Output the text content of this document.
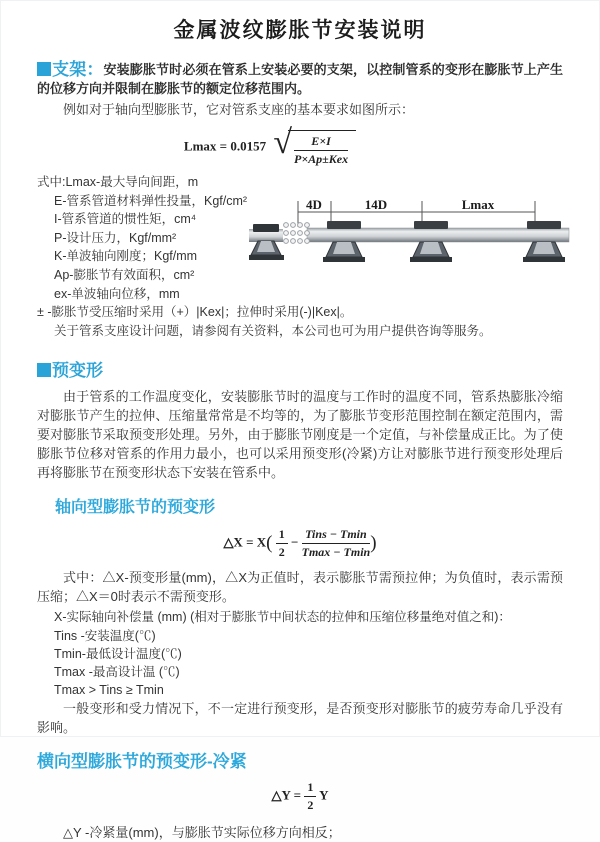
金属波纹膨胀节安装说明

支架：安装膨胀节时必须在管系上安装必要的支架，以控制管系的变形在膨胀节上产生的位移方向并限制在膨胀节的额定位移范围内。

例如对于轴向型膨胀节，它对管系支座的基本要求如图所示：

Lmax = 0.0157 √ $\frac{E\times I}{\text{P×Ap±Kex}}$
式中:Lmax-最大导向间距，m
E-管系管道材料弹性投量，Kgf/cm²
I-管系管道的惯性矩，cm⁴
P-设计压力，Kgf/mm²
K-单波轴向刚度；Kgf/mm
Ap-膨胀节有效面积，cm²
ex-单波轴向位移，mm
± -膨胀节受压缩时采用（+）|Kex|；拉伸时采用(-)|Kex|。
关于管系支座设计问题，请参阅有关资料，本公司也可为用户提供咨询等服务。
预变形

由于管系的工作温度变化，安装膨胀节时的温度与工作时的温度不同，管系热膨胀冷缩对膨胀节产生的拉伸、压缩量常常是不均等的，为了膨胀节变形范围控制在额定范围内，需要对膨胀节采取预变形处理。另外，由于膨胀节刚度是一个定值，与补偿量成正比。为了使膨胀节位移对管系的作用力最小，也可以采用预变形(冷紧)方让对膨胀节进行预变形处理后再将膨胀节在预变形状态下安装在管系中。

轴向型膨胀节的预变形
△X = $X( \frac{1}{2} - \frac{\text{Tins − Tmin}}{Tmax - Tmin}$ )

式中：△X-预变形量(mm)，△X为正值时，表示膨胀节需预拉伸；为负值时，表示需预压缩；△X＝0时表示不需预变形。

X-实际轴向补偿量 (mm) (相对于膨胀节中间状态的拉伸和压缩位移量绝对值之和)：
Tins -安装温度(℃)
Tmin-最低设计温度(℃)
Tmax -最高设计温 (℃)
Tmax > Tins ≥ Tmin

一般变形和受力情况下，不一定进行预变形，是否预变形对膨胀节的疲劳寿命几乎没有影响。

横向型膨胀节的预变形-冷紧
△Y = $\frac{1}{2}$ Y

△Y -冷紧量(mm)，与膨胀节实际位移方向相反；

4D	14D	Lmax
